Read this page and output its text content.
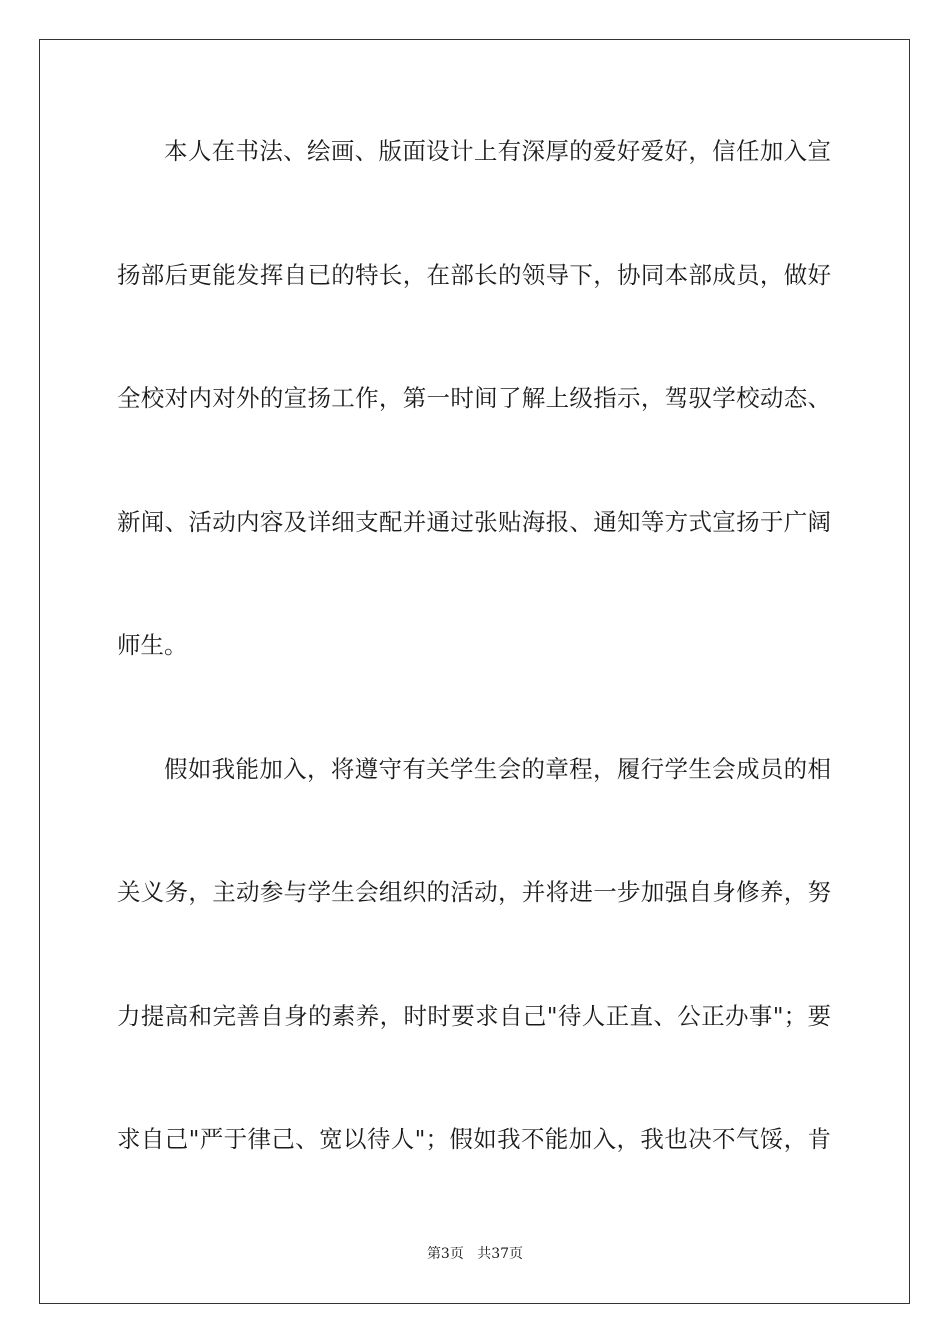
本人在书法、绘画、版面设计上有深厚的爱好爱好，信任加入宣
扬部后更能发挥自已的特长，在部长的领导下，协同本部成员，做好
全校对内对外的宣扬工作，第一时间了解上级指示，驾驭学校动态、
新闻、活动内容及详细支配并通过张贴海报、通知等方式宣扬于广阔
师生。
假如我能加入，将遵守有关学生会的章程，履行学生会成员的相
关义务，主动参与学生会组织的活动，并将进一步加强自身修养，努
力提高和完善自身的素养，时时要求自己"待人正直、公正办事"；要
求自己"严于律己、宽以待人"；假如我不能加入，我也决不气馁，肯
第3页 共37页
